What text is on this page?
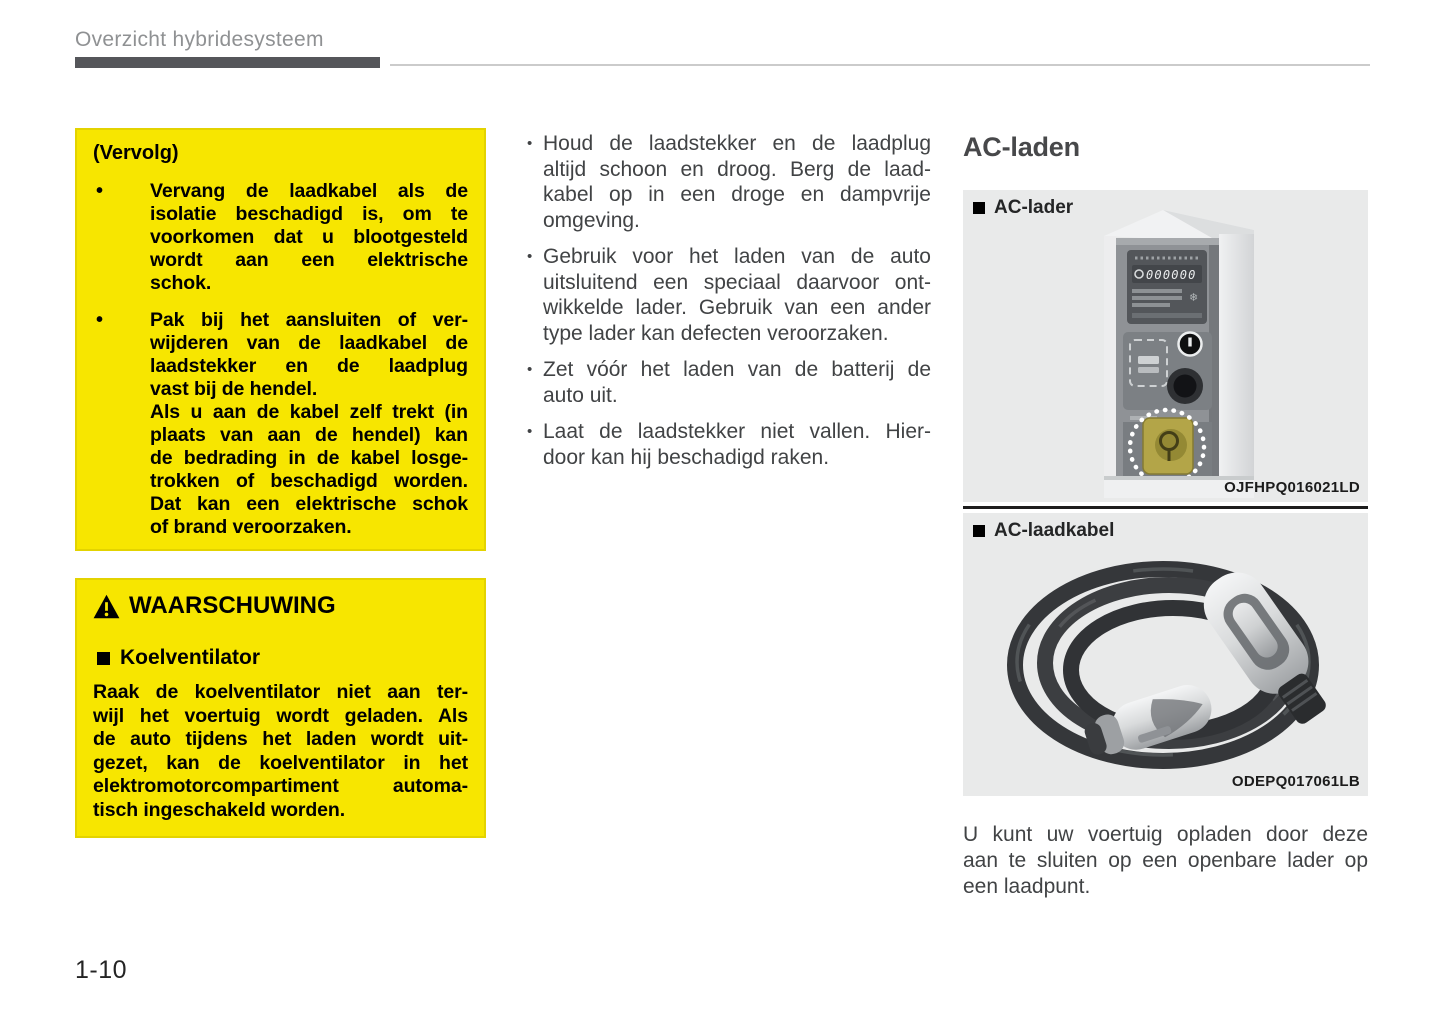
Overzicht hybridesysteem
(Vervolg)
•	Vervang de laadkabel als de
isolatie beschadigd is, om te
voorkomen dat u blootgesteld
wordt aan een elektrische
schok.
•	Pak bij het aansluiten of ver-
wijderen van de laadkabel de
laadstekker en de laadplug
vast bij de hendel.
Als u aan de kabel zelf trekt (in
plaats van aan de hendel) kan
de bedrading in de kabel losge-
trokken of beschadigd worden.
Dat kan een elektrische schok
of brand veroorzaken.
WAARSCHUWING
Koelventilator
Raak de koelventilator niet aan ter-
wijl het voertuig wordt geladen. Als
de auto tijdens het laden wordt uit-
gezet, kan de koelventilator in het
elektromotorcompartiment automa-
tisch ingeschakeld worden.
• Houd de laadstekker en de laadplug
altijd schoon en droog. Berg de laad-
kabel op in een droge en dampvrije
omgeving.
• Gebruik voor het laden van de auto
uitsluitend een speciaal daarvoor ont-
wikkelde lader. Gebruik van een ander
type lader kan defecten veroorzaken.
• Zet vóór het laden van de batterij de
auto uit.
• Laat de laadstekker niet vallen. Hier-
door kan hij beschadigd raken.
AC-laden
AC-lader
000000
❄
OJFHPQ016021LD
AC-laadkabel
ODEPQ017061LB
U kunt uw voertuig opladen door deze
aan te sluiten op een openbare lader op
een laadpunt.
1-10
